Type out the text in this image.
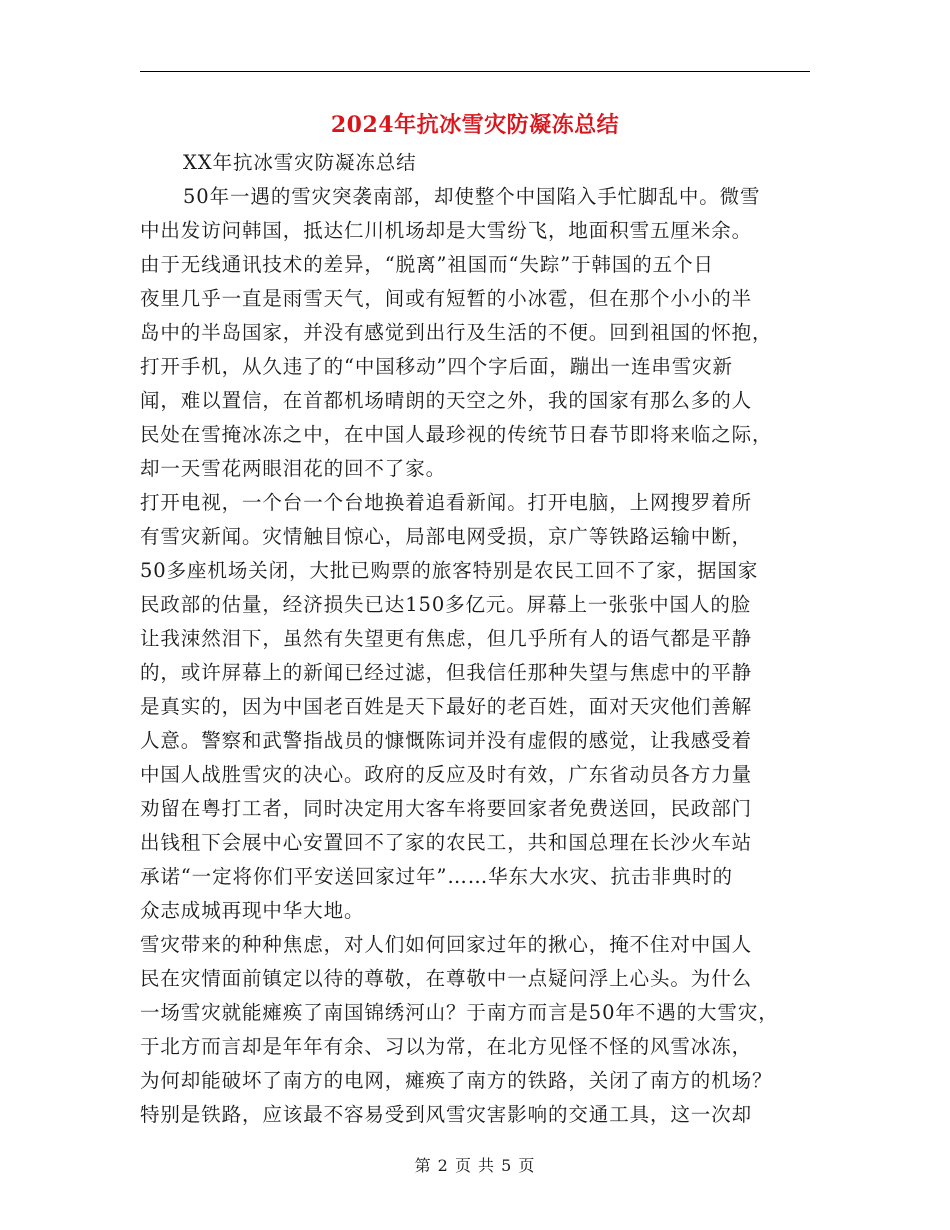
2024年抗冰雪灾防凝冻总结

XX年抗冰雪灾防凝冻总结

50年一遇的雪灾突袭南部，却使整个中国陷入手忙脚乱中。微雪

中出发访问韩国，抵达仁川机场却是大雪纷飞，地面积雪五厘米余。

由于无线通讯技术的差异，“脱离”祖国而“失踪”于韩国的五个日

夜里几乎一直是雨雪天气，间或有短暂的小冰雹，但在那个小小的半

岛中的半岛国家，并没有感觉到出行及生活的不便。回到祖国的怀抱，

打开手机，从久违了的“中国移动”四个字后面，蹦出一连串雪灾新

闻，难以置信，在首都机场晴朗的天空之外，我的国家有那么多的人

民处在雪掩冰冻之中，在中国人最珍视的传统节日春节即将来临之际，

却一天雪花两眼泪花的回不了家。

打开电视，一个台一个台地换着追看新闻。打开电脑，上网搜罗着所

有雪灾新闻。灾情触目惊心，局部电网受损，京广等铁路运输中断，

50多座机场关闭，大批已购票的旅客特别是农民工回不了家，据国家

民政部的估量，经济损失已达150多亿元。屏幕上一张张中国人的脸

让我涑然泪下，虽然有失望更有焦虑，但几乎所有人的语气都是平静

的，或许屏幕上的新闻已经过滤，但我信任那种失望与焦虑中的平静

是真实的，因为中国老百姓是天下最好的老百姓，面对天灾他们善解

人意。警察和武警指战员的慷慨陈词并没有虚假的感觉，让我感受着

中国人战胜雪灾的决心。政府的反应及时有效，广东省动员各方力量

劝留在粤打工者，同时决定用大客车将要回家者免费送回，民政部门

出钱租下会展中心安置回不了家的农民工，共和国总理在长沙火车站

承诺“一定将你们平安送回家过年”……华东大水灾、抗击非典时的

众志成城再现中华大地。

雪灾带来的种种焦虑，对人们如何回家过年的揪心，掩不住对中国人

民在灾情面前镇定以待的尊敬，在尊敬中一点疑问浮上心头。为什么

一场雪灾就能瘫痪了南国锦绣河山？于南方而言是50年不遇的大雪灾，

于北方而言却是年年有余、习以为常，在北方见怪不怪的风雪冰冻，

为何却能破坏了南方的电网，瘫痪了南方的铁路，关闭了南方的机场？

特别是铁路，应该最不容易受到风雪灾害影响的交通工具，这一次却

第 2 页 共 5 页
